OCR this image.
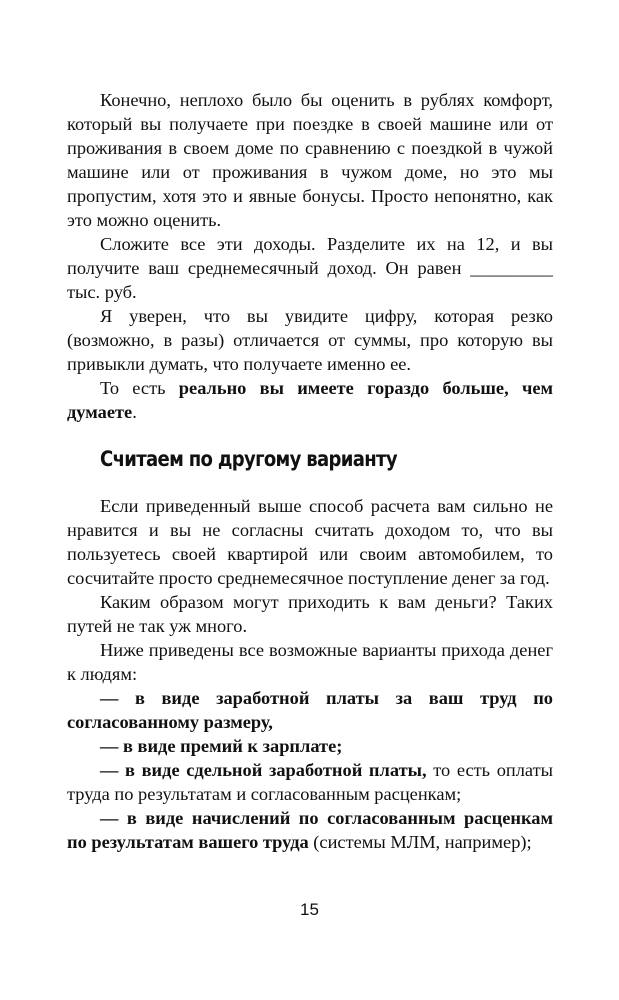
Конечно, неплохо было бы оценить в рублях комфорт, который вы получаете при поездке в своей машине или от проживания в своем доме по сравнению с поездкой в чужой машине или от проживания в чужом доме, но это мы пропустим, хотя это и явные бонусы. Просто непонятно, как это можно оценить.

Сложите все эти доходы. Разделите их на 12, и вы получите ваш среднемесячный доход. Он равен _________ тыс. руб.

Я уверен, что вы увидите цифру, которая резко (возможно, в разы) отличается от суммы, про которую вы привыкли думать, что получаете именно ее.

То есть реально вы имеете гораздо больше, чем думаете.

Считаем по другому варианту

Если приведенный выше способ расчета вам сильно не нравится и вы не согласны считать доходом то, что вы пользуетесь своей квартирой или своим автомобилем, то сосчитайте просто среднемесячное поступление денег за год.

Каким образом могут приходить к вам деньги? Таких путей не так уж много.

Ниже приведены все возможные варианты прихода денег к людям:

— в виде заработной платы за ваш труд по согласованному размеру,

— в виде премий к зарплате;

— в виде сдельной заработной платы, то есть оплаты труда по результатам и согласованным расценкам;

— в виде начислений по согласованным расценкам по результатам вашего труда (системы МЛМ, например);

15
